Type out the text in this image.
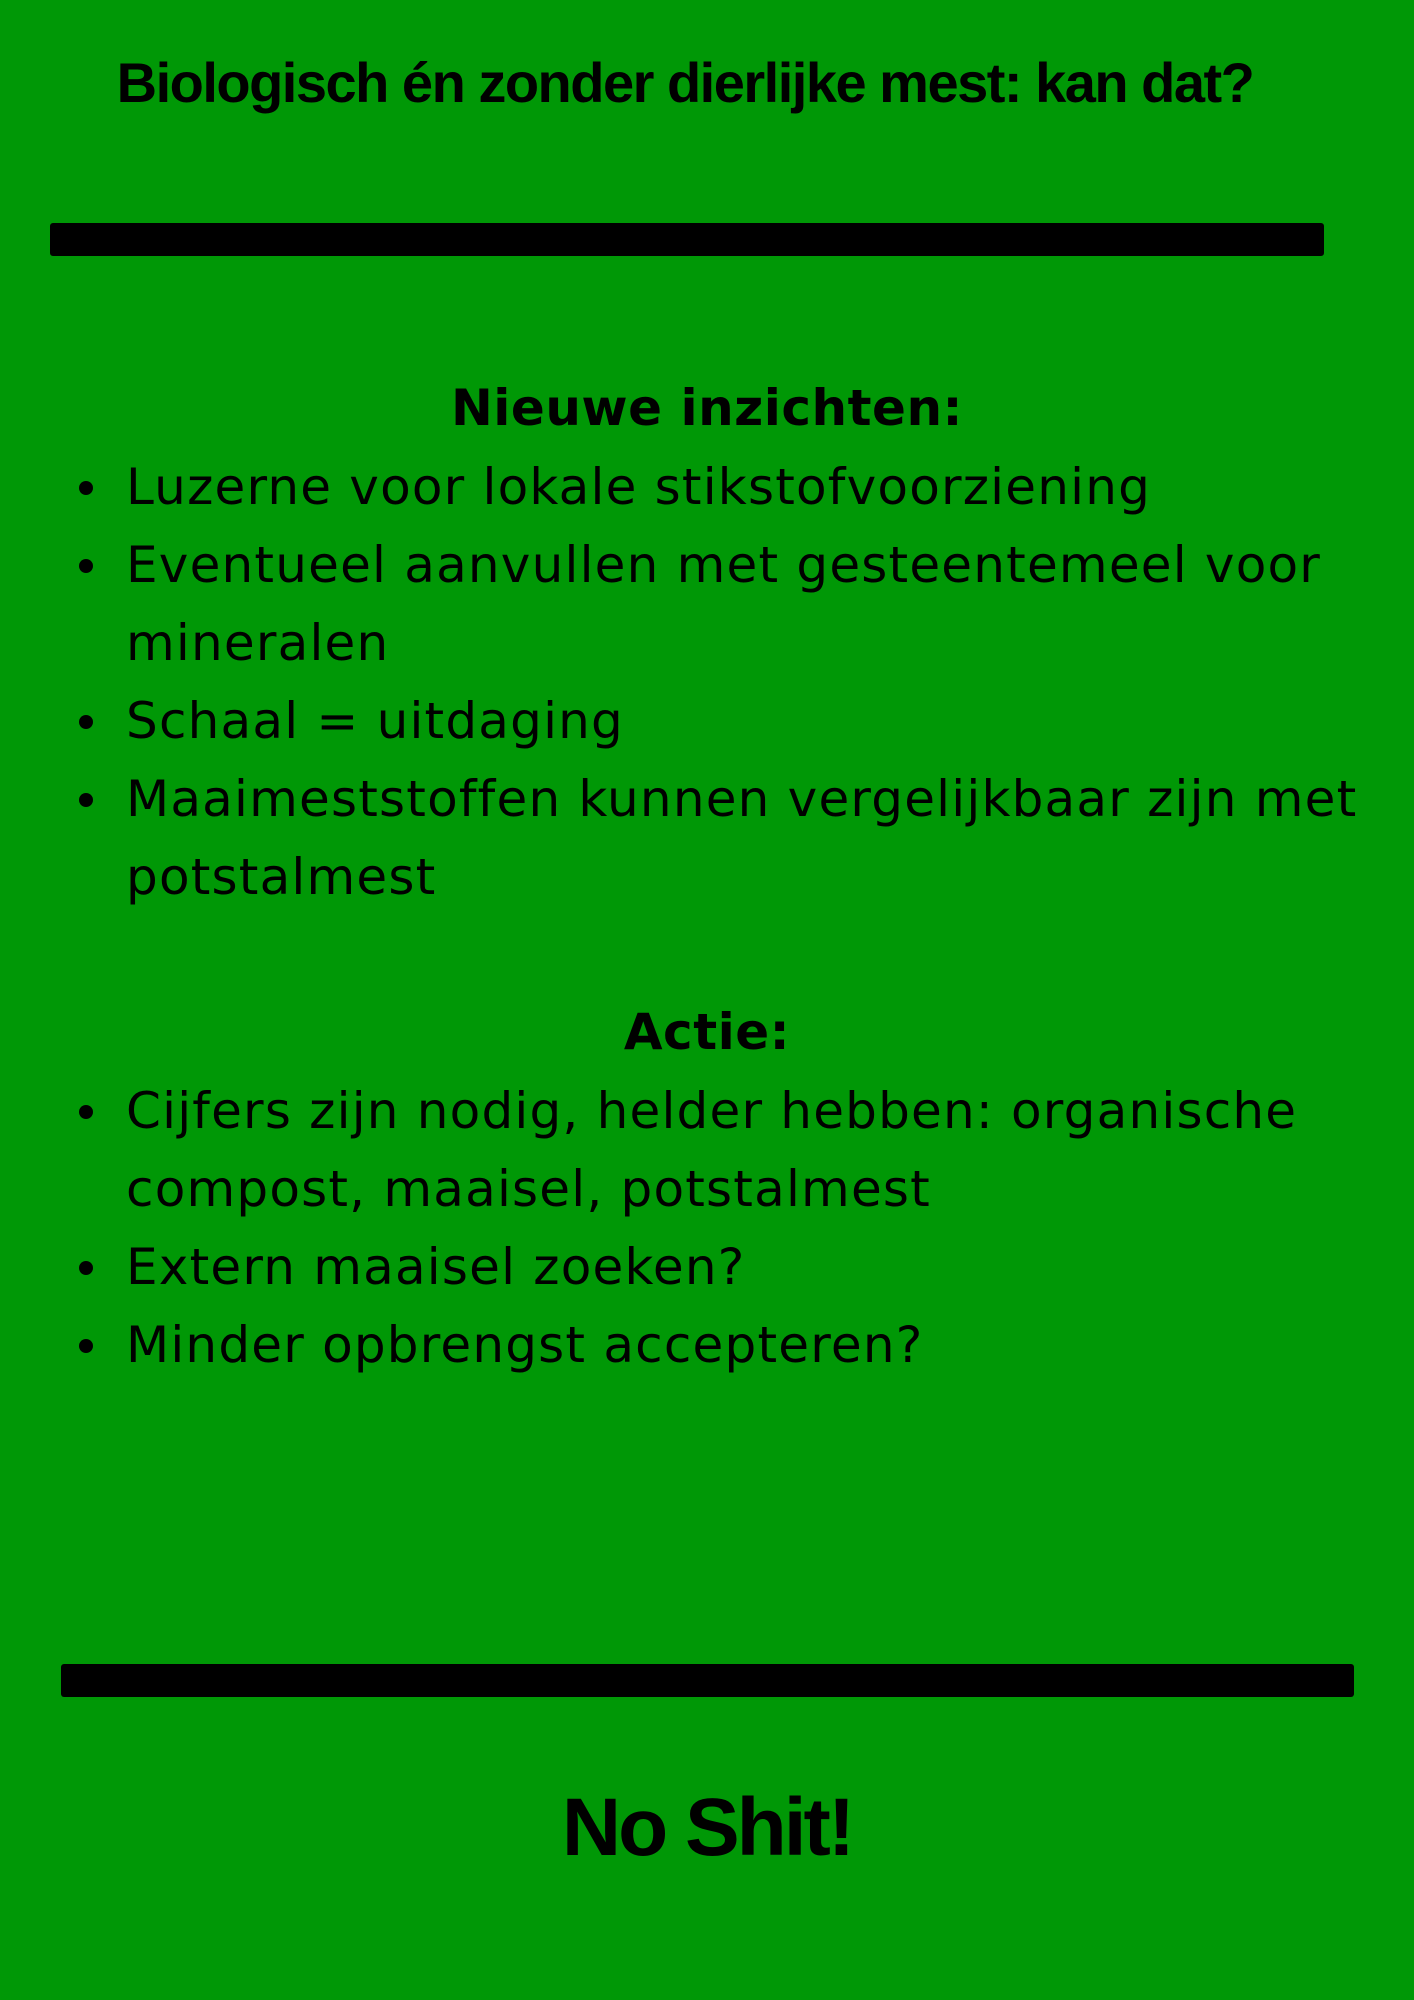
Biologisch én zonder dierlijke mest: kan dat?
Nieuwe inzichten:
Luzerne voor lokale stikstofvoorziening
Eventueel aanvullen met gesteentemeel voor mineralen
Schaal = uitdaging
Maaimeststoffen kunnen vergelijkbaar zijn met potstalmest
Actie:
Cijfers zijn nodig, helder hebben: organische compost, maaisel, potstalmest
Extern maaisel zoeken?
Minder opbrengst accepteren?

No Shit!
